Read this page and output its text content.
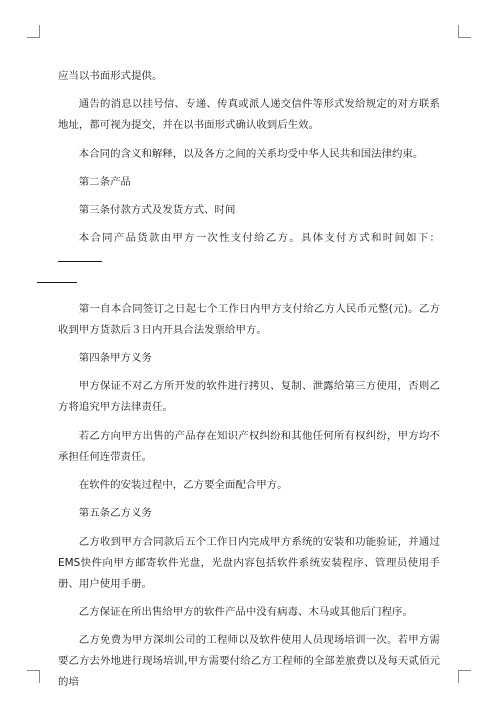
应当以书面形式提供。

通告的消息以挂号信、专递、传真或派人递交信件等形式发给规定的对方联系地址，都可视为提交，并在以书面形式确认收到后生效。

本合同的含义和解释，以及各方之间的关系均受中华人民共和国法律约束。

第二条产品

第三条付款方式及发货方式、时间

本合同产品货款由甲方一次性支付给乙方。具体支付方式和时间如下：

第一自本合同签订之日起七个工作日内甲方支付给乙方人民币元整(元)。乙方收到甲方货款后３日内开具合法发票给甲方。

第四条甲方义务

甲方保证不对乙方所开发的软件进行拷贝、复制、泄露给第三方使用，否则乙方将追究甲方法律责任。

若乙方向甲方出售的产品存在知识产权纠纷和其他任何所有权纠纷，甲方均不承担任何连带责任。

在软件的安装过程中，乙方要全面配合甲方。

第五条乙方义务

乙方收到甲方合同款后五个工作日内完成甲方系统的安装和功能验证，并通过EMS快件向甲方邮寄软件光盘，光盘内容包括软件系统安装程序、管理员使用手册、用户使用手册。

乙方保证在所出售给甲方的软件产品中没有病毒、木马或其他后门程序。

乙方免费为甲方深圳公司的工程师以及软件使用人员现场培训一次。若甲方需要乙方去外地进行现场培训,甲方需要付给乙方工程师的全部差旅费以及每天贰佰元的培
